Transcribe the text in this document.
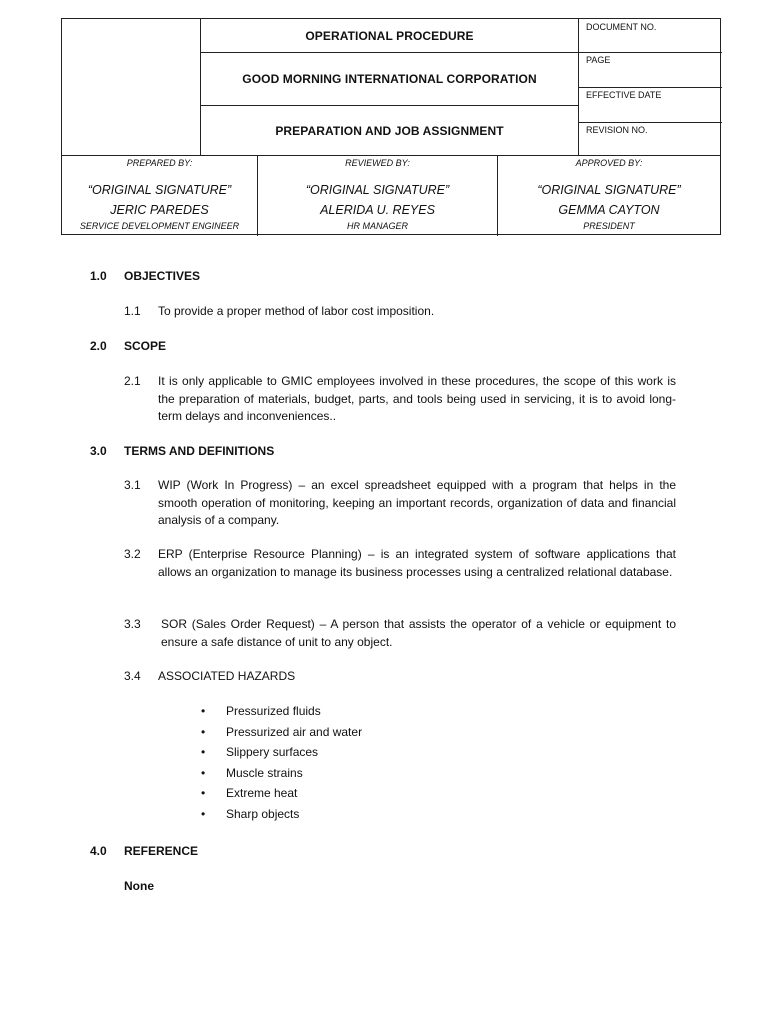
OPERATIONAL PROCEDURE
GOOD MORNING INTERNATIONAL CORPORATION
PREPARATION AND JOB ASSIGNMENT
DOCUMENT NO.
PAGE
EFFECTIVE DATE
REVISION NO.
PREPARED BY:
“ORIGINAL SIGNATURE”
JERIC PAREDES
SERVICE DEVELOPMENT ENGINEER
REVIEWED BY:
“ORIGINAL SIGNATURE”
ALERIDA U. REYES
HR MANAGER
APPROVED BY:
“ORIGINAL SIGNATURE”
GEMMA CAYTON
PRESIDENT
1.0 OBJECTIVES
1.1 To provide a proper method of labor cost imposition.
2.0 SCOPE
2.1 It is only applicable to GMIC employees involved in these procedures, the scope of this work is the preparation of materials, budget, parts, and tools being used in servicing, it is to avoid long-term delays and inconveniences..
3.0 TERMS AND DEFINITIONS
3.1 WIP (Work In Progress) – an excel spreadsheet equipped with a program that helps in the smooth operation of monitoring, keeping an important records, organization of data and financial analysis of a company.
3.2 ERP (Enterprise Resource Planning) – is an integrated system of software applications that allows an organization to manage its business processes using a centralized relational database.
3.3 SOR (Sales Order Request) – A person that assists the operator of a vehicle or equipment to ensure a safe distance of unit to any object.
3.4 ASSOCIATED HAZARDS
• Pressurized fluids
• Pressurized air and water
• Slippery surfaces
• Muscle strains
• Extreme heat
• Sharp objects
4.0 REFERENCE
None
